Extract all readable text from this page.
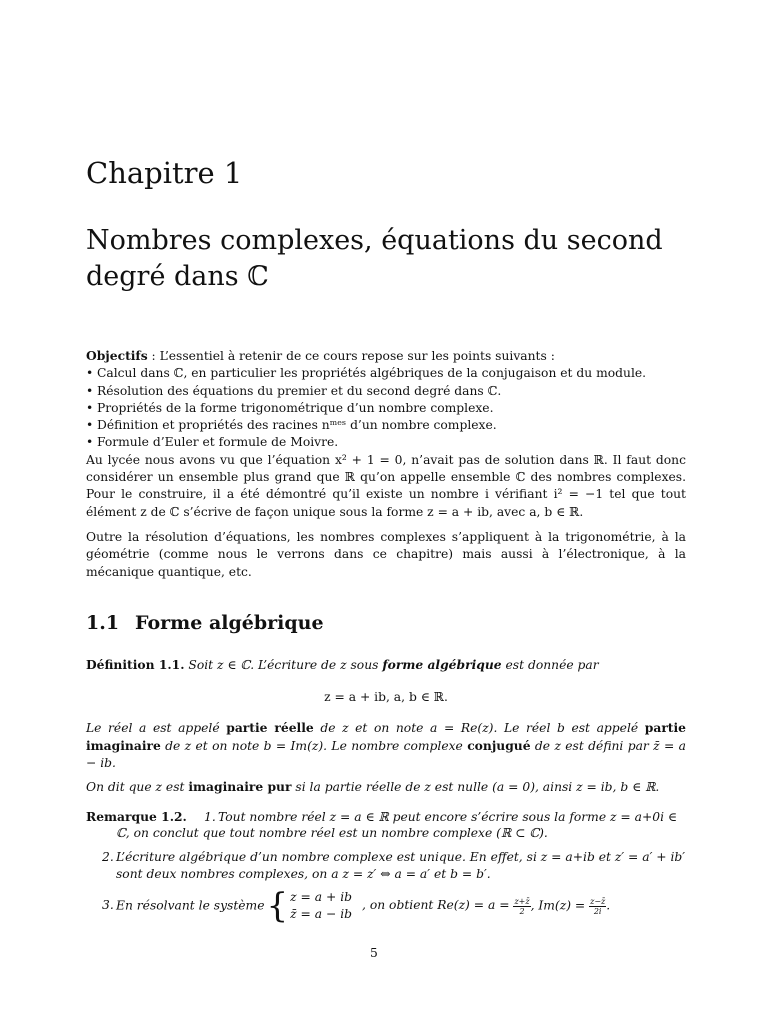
Chapitre 1
Nombres complexes, équations du second
degré dans ℂ
Objectifs : L’essentiel à retenir de ce cours repose sur les points suivants :
• Calcul dans ℂ, en particulier les propriétés algébriques de la conjugaison et du module.
• Résolution des équations du premier et du second degré dans ℂ.
• Propriétés de la forme trigonométrique d’un nombre complexe.
• Définition et propriétés des racines nᵐᵉˢ d’un nombre complexe.
• Formule d’Euler et formule de Moivre.
Au lycée nous avons vu que l’équation x² + 1 = 0, n’avait pas de solution dans ℝ. Il faut donc considérer un ensemble plus grand que ℝ qu’on appelle ensemble ℂ des nombres complexes. Pour le construire, il a été démontré qu’il existe un nombre i vérifiant i² = −1 tel que tout élément z de ℂ s’écrive de façon unique sous la forme z = a + ib, avec a, b ∈ ℝ.
Outre la résolution d’équations, les nombres complexes s’appliquent à la trigonométrie, à la géométrie (comme nous le verrons dans ce chapitre) mais aussi à l’électronique, à la mécanique quantique, etc.
1.1 Forme algébrique
Définition 1.1. Soit z ∈ ℂ. L’écriture de z sous forme algébrique est donnée par
z = a + ib, a, b ∈ ℝ.
Le réel a est appelé partie réelle de z et on note a = Re(z). Le réel b est appelé partie imaginaire de z et on note b = Im(z). Le nombre complexe conjugué de z est défini par z̄ = a − ib.
On dit que z est imaginaire pur si la partie réelle de z est nulle (a = 0), ainsi z = ib, b ∈ ℝ.
Remarque 1.2. 1. Tout nombre réel z = a ∈ ℝ peut encore s’écrire sous la forme z = a+0i ∈
ℂ, on conclut que tout nombre réel est un nombre complexe (ℝ ⊂ ℂ).
2. L’écriture algébrique d’un nombre complexe est unique. En effet, si z = a+ib et z′ = a′ + ib′
sont deux nombres complexes, on a z = z′ ⇔ a = a′ et b = b′.
3. En résolvant le système{ z = a + ib
z̄ = a − ib
, on obtient $Re(z) = a = \frac{z+z̄}{2}$, $Im(z) = \frac{z-z̄}{2i}$.
5
